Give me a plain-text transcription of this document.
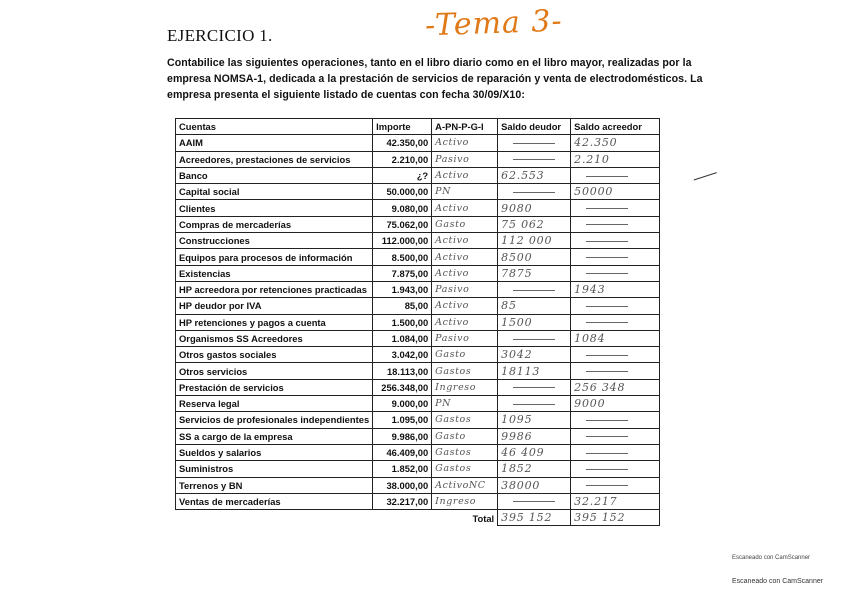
EJERCICIO 1.	-Tema 3-
Contabilice las siguientes operaciones, tanto en el libro diario como en el libro mayor, realizadas por la
empresa NOMSA-1, dedicada a la prestación de servicios de reparación y venta de electrodomésticos. La
empresa presenta el siguiente listado de cuentas con fecha 30/09/X10:
Cuentas	Importe	A-PN-P-G-I	Saldo deudor	Saldo acreedor
AAIM	42.350,00	Activo		42.350
Acreedores, prestaciones de servicios	2.210,00	Pasivo		2.210
Banco	¿?	Activo	62.553	
Capital social	50.000,00	PN		50000
Clientes	9.080,00	Activo	9080	
Compras de mercaderías	75.062,00	Gasto	75 062	
Construcciones	112.000,00	Activo	112 000	
Equipos para procesos de información	8.500,00	Activo	8500	
Existencias	7.875,00	Activo	7875	
HP acreedora por retenciones practicadas	1.943,00	Pasivo		1943
HP deudor por IVA	85,00	Activo	85	
HP retenciones y pagos a cuenta	1.500,00	Activo	1500	
Organismos SS Acreedores	1.084,00	Pasivo		1084
Otros gastos sociales	3.042,00	Gasto	3042	
Otros servicios	18.113,00	Gastos	18113	
Prestación de servicios	256.348,00	Ingreso		256 348
Reserva legal	9.000,00	PN		9000
Servicios de profesionales independientes	1.095,00	Gastos	1095	
SS a cargo de la empresa	9.986,00	Gasto	9986	
Sueldos y salarios	46.409,00	Gastos	46 409	
Suministros	1.852,00	Gastos	1852	
Terrenos y BN	38.000,00	ActivoNC	38000	
Ventas de mercaderías	32.217,00	Ingreso		32.217
	Total		395 152	395 152
Escaneado con CamScanner
Escaneado con CamScanner
